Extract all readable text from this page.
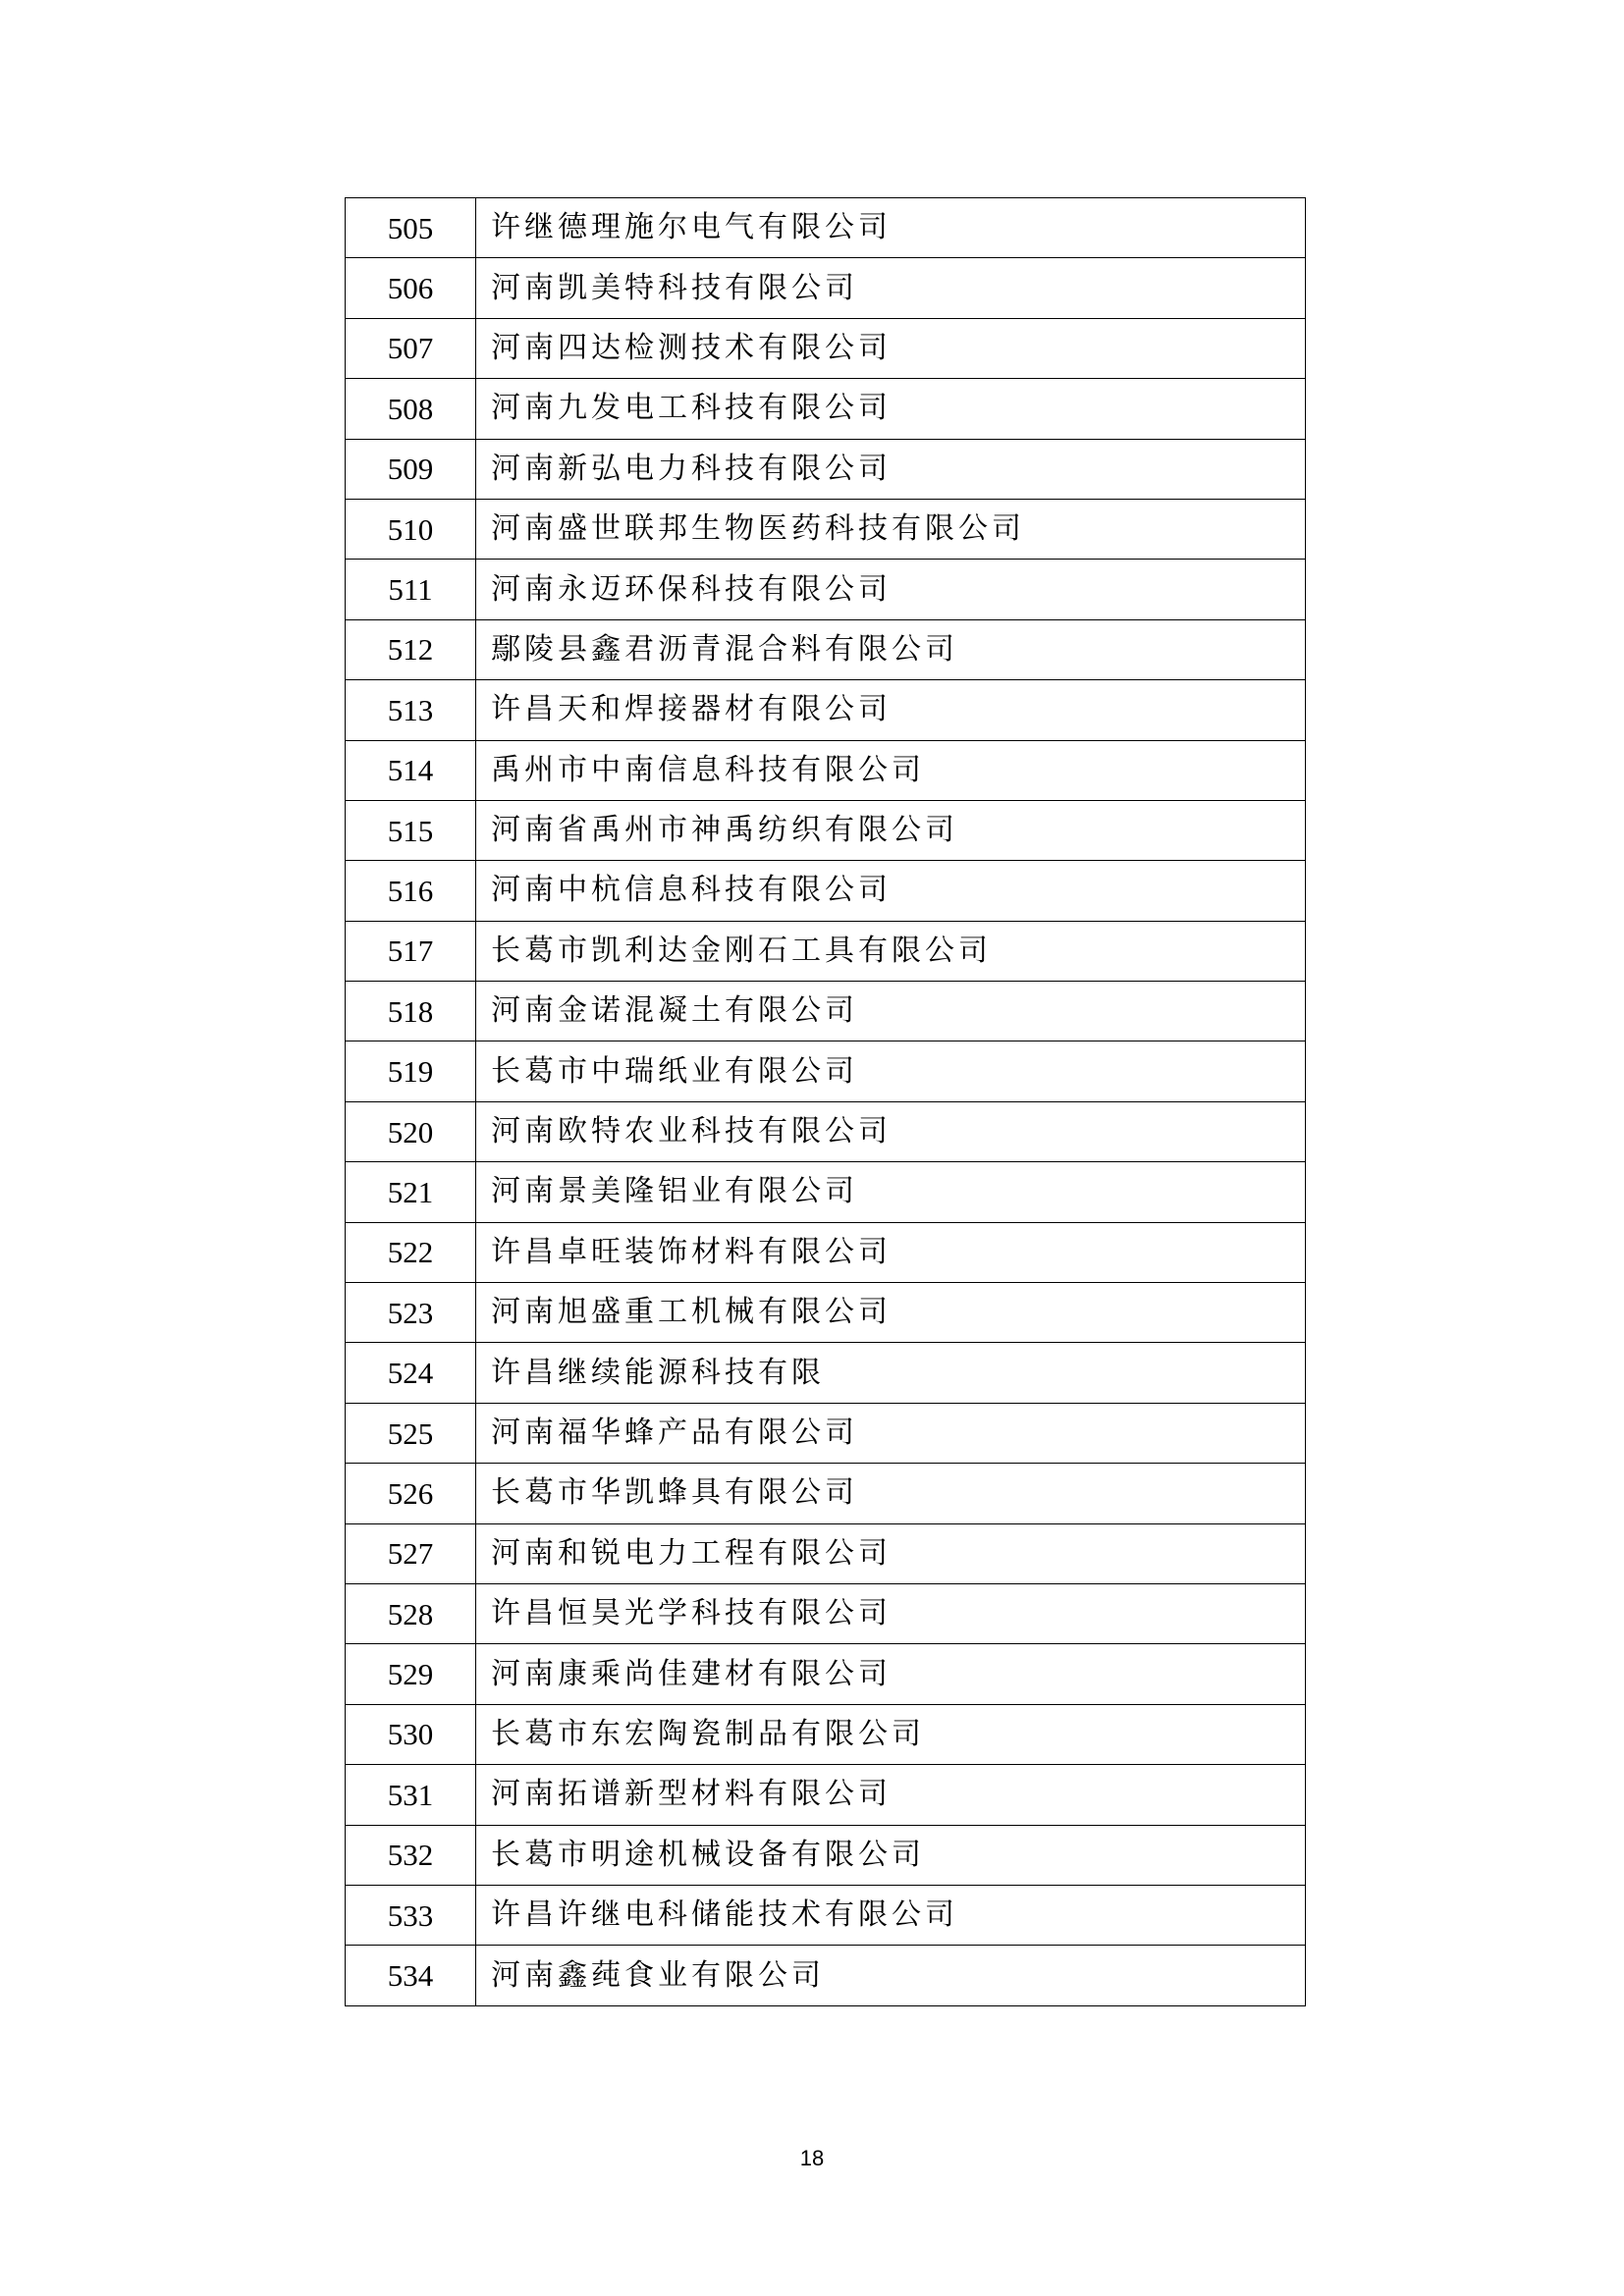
505	许继德理施尔电气有限公司
506	河南凯美特科技有限公司
507	河南四达检测技术有限公司
508	河南九发电工科技有限公司
509	河南新弘电力科技有限公司
510	河南盛世联邦生物医药科技有限公司
511	河南永迈环保科技有限公司
512	鄢陵县鑫君沥青混合料有限公司
513	许昌天和焊接器材有限公司
514	禹州市中南信息科技有限公司
515	河南省禹州市神禹纺织有限公司
516	河南中杭信息科技有限公司
517	长葛市凯利达金刚石工具有限公司
518	河南金诺混凝土有限公司
519	长葛市中瑞纸业有限公司
520	河南欧特农业科技有限公司
521	河南景美隆铝业有限公司
522	许昌卓旺装饰材料有限公司
523	河南旭盛重工机械有限公司
524	许昌继续能源科技有限
525	河南福华蜂产品有限公司
526	长葛市华凯蜂具有限公司
527	河南和锐电力工程有限公司
528	许昌恒昊光学科技有限公司
529	河南康乘尚佳建材有限公司
530	长葛市东宏陶瓷制品有限公司
531	河南拓谱新型材料有限公司
532	长葛市明途机械设备有限公司
533	许昌许继电科储能技术有限公司
534	河南鑫莼食业有限公司
18
